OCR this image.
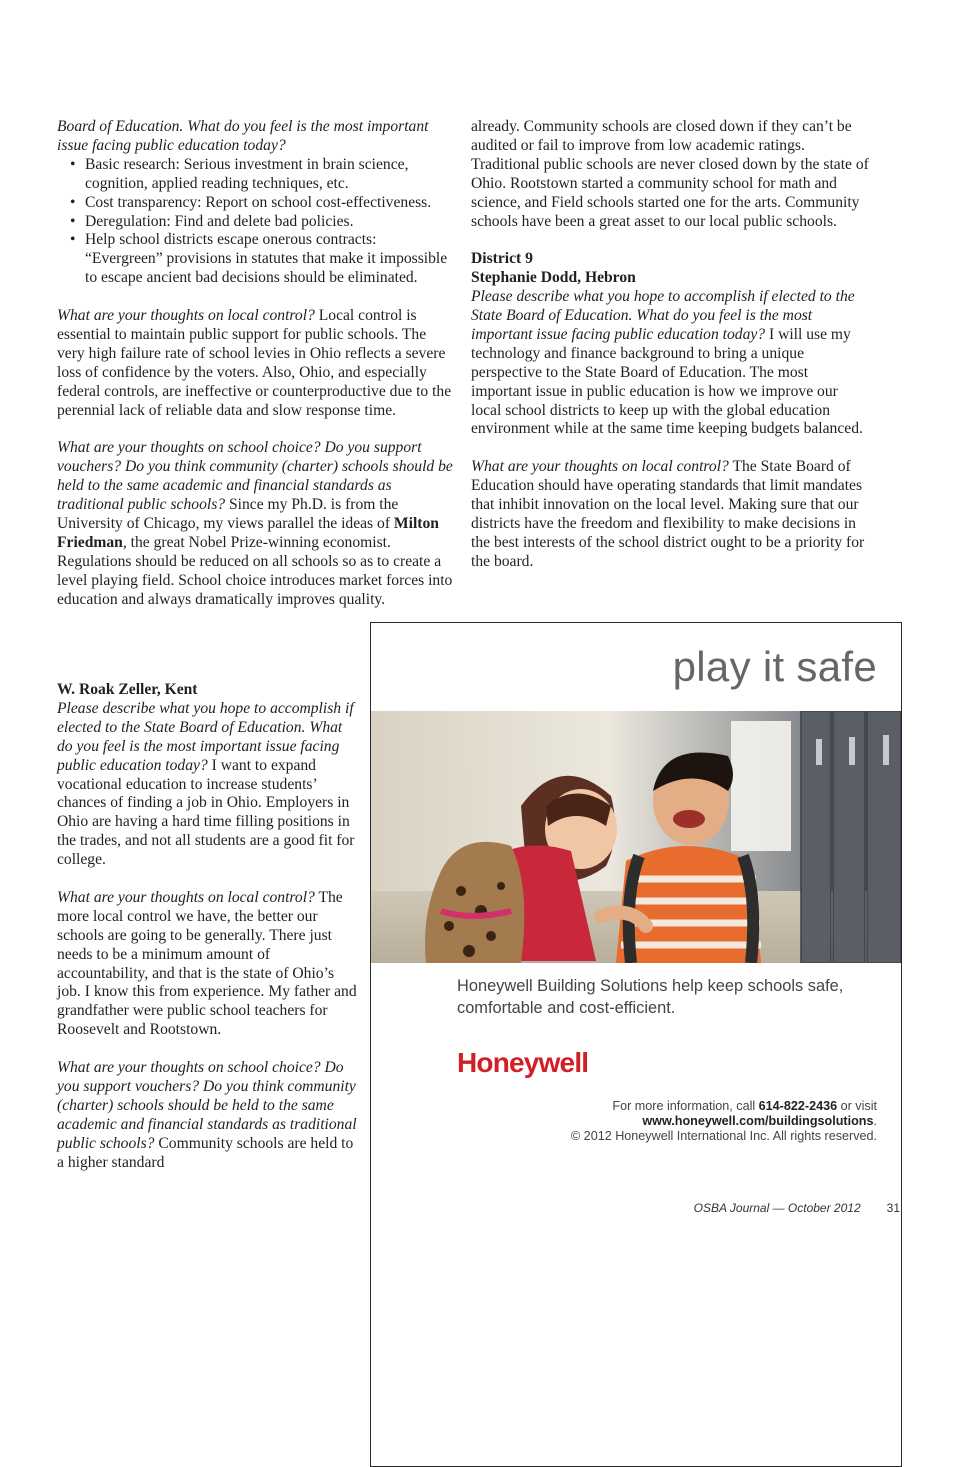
Board of Education. What do you feel is the most important issue facing public education today?
• Basic research: Serious investment in brain science, cognition, applied reading techniques, etc.
• Cost transparency: Report on school cost-effectiveness.
• Deregulation: Find and delete bad policies.
• Help school districts escape onerous contracts: “Evergreen” provisions in statutes that make it impossible to escape ancient bad decisions should be eliminated.

What are your thoughts on local control? Local control is essential to maintain public support for public schools. The very high failure rate of school levies in Ohio reflects a severe loss of confidence by the voters. Also, Ohio, and especially federal controls, are ineffective or counterproductive due to the perennial lack of reliable data and slow response time.

What are your thoughts on school choice? Do you support vouchers? Do you think community (charter) schools should be held to the same academic and financial standards as traditional public schools? Since my Ph.D. is from the University of Chicago, my views parallel the ideas of Milton Friedman, the great Nobel Prize-winning economist. Regulations should be reduced on all schools so as to create a level playing field. School choice introduces market forces into education and always dramatically improves quality.

W. Roak Zeller, Kent

Please describe what you hope to accomplish if elected to the State Board of Education. What do you feel is the most important issue facing public education today? I want to expand vocational education to increase students’ chances of finding a job in Ohio. Employers in Ohio are having a hard time filling positions in the trades, and not all students are a good fit for college.

What are your thoughts on local control? The more local control we have, the better our schools are going to be generally. There just needs to be a minimum amount of accountability, and that is the state of Ohio’s job. I know this from experience. My father and grandfather were public school teachers for Roosevelt and Rootstown.

What are your thoughts on school choice? Do you support vouchers? Do you think community (charter) schools should be held to the same academic and financial standards as traditional public schools? Community schools are held to a higher standard

already. Community schools are closed down if they can’t be audited or fail to improve from low academic ratings. Traditional public schools are never closed down by the state of Ohio. Rootstown started a community school for math and science, and Field schools started one for the arts. Community schools have been a great asset to our local public schools.

District 9
Stephanie Dodd, Hebron

Please describe what you hope to accomplish if elected to the State Board of Education. What do you feel is the most important issue facing public education today? I will use my technology and finance background to bring a unique perspective to the State Board of Education. The most important issue in public education is how we improve our local school districts to keep up with the global education environment while at the same time keeping budgets balanced.

What are your thoughts on local control? The State Board of Education should have operating standards that limit mandates that inhibit innovation on the local level. Making sure that our districts have the freedom and flexibility to make decisions in the best interests of the school district ought to be a priority for the board.

play it safe
Honeywell Building Solutions help keep schools safe, comfortable and cost-efficient.
Honeywell
For more information, call 614-822-2436 or visit
www.honeywell.com/buildingsolutions.
© 2012 Honeywell International Inc. All rights reserved.
OSBA Journal — October 2012 31
